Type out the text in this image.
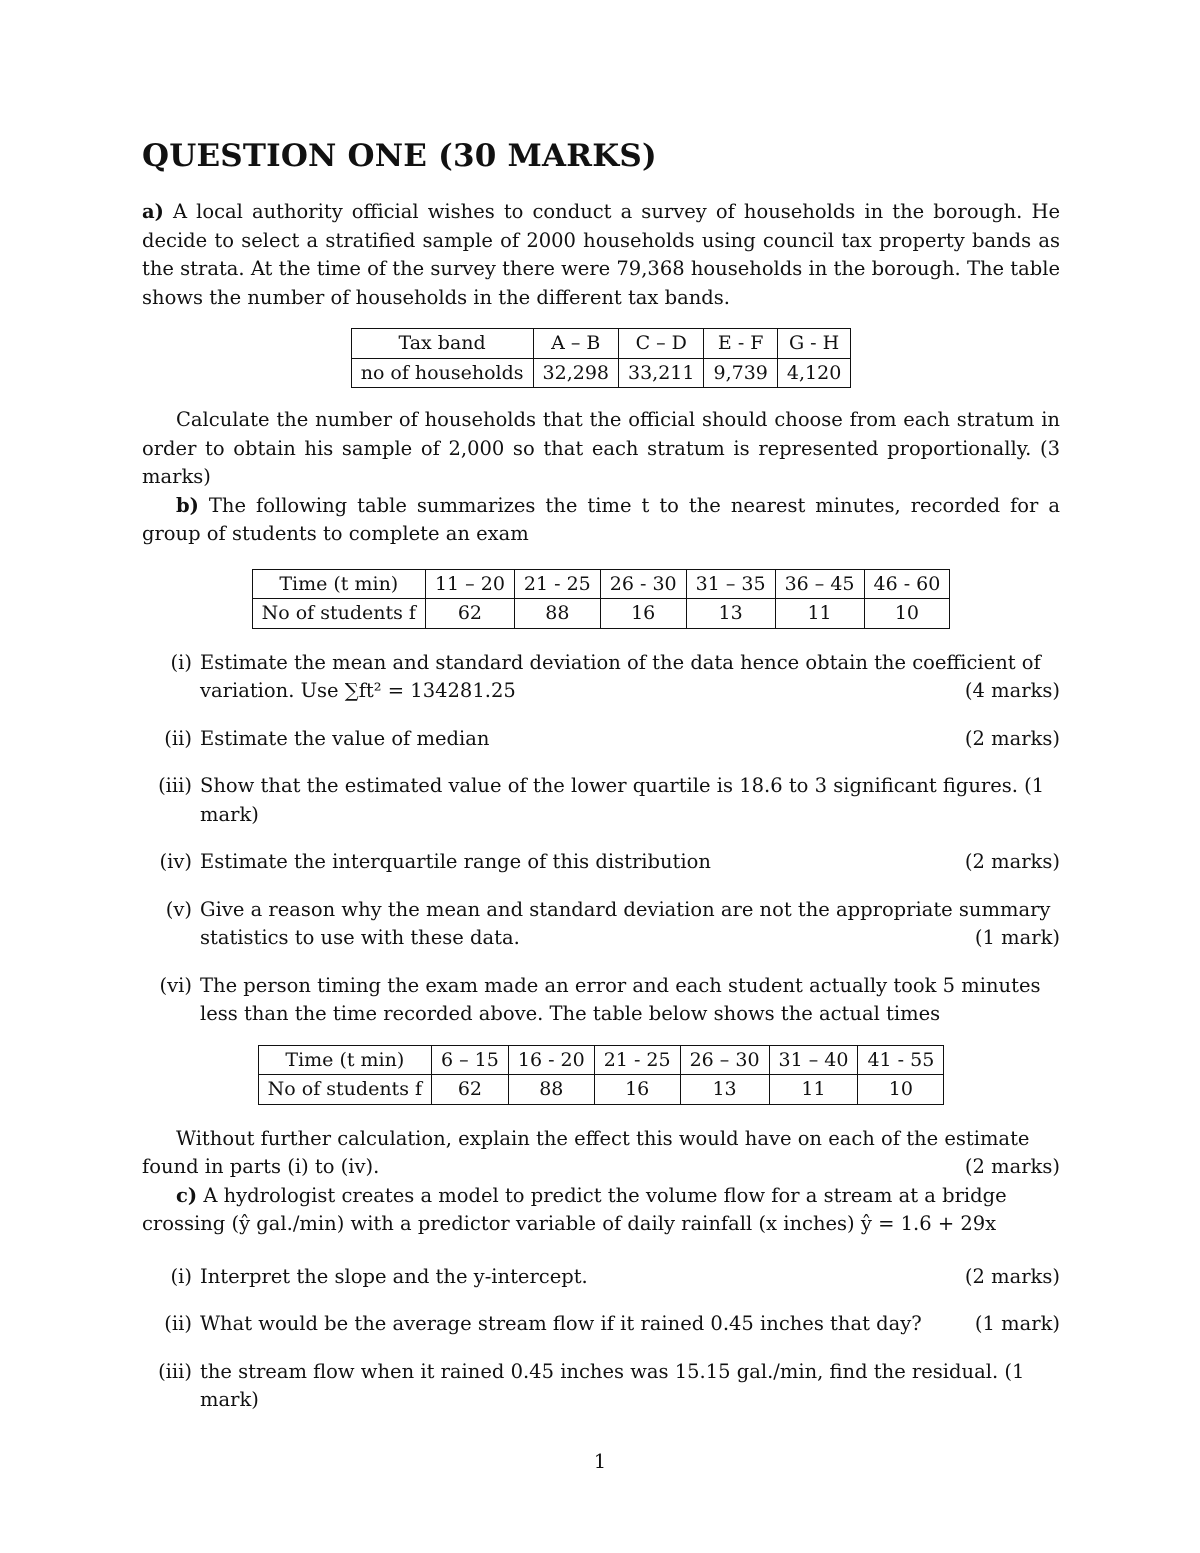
QUESTION ONE (30 MARKS)

a) A local authority official wishes to conduct a survey of households in the borough. He decide to select a stratified sample of 2000 households using council tax property bands as the strata. At the time of the survey there were 79,368 households in the borough. The table shows the number of households in the different tax bands.

Tax band	A – B	C – D	E - F	G - H
no of households	32,298	33,211	9,739	4,120

Calculate the number of households that the official should choose from each stratum in order to obtain his sample of 2,000 so that each stratum is represented proportionally. (3 marks)

b) The following table summarizes the time t to the nearest minutes, recorded for a group of students to complete an exam

Time (t min)	11 – 20	21 - 25	26 - 30	31 – 35	36 – 45	46 - 60
No of students f	62	88	16	13	11	10
(i) Estimate the mean and standard deviation of the data hence obtain the coefficient of
variation. Use ∑ft² = 134281.25	(4 marks)
(ii) Estimate the value of median	(2 marks)
(iii) Show that the estimated value of the lower quartile is 18.6 to 3 significant figures. (1
mark)
(iv) Estimate the interquartile range of this distribution	(2 marks)
(v) Give a reason why the mean and standard deviation are not the appropriate summary
statistics to use with these data.	(1 mark)
(vi) The person timing the exam made an error and each student actually took 5 minutes
less than the time recorded above. The table below shows the actual times
Time (t min)	6 – 15	16 - 20	21 - 25	26 – 30	31 – 40	41 - 55
No of students f	62	88	16	13	11	10

Without further calculation, explain the effect this would have on each of the estimate

found in parts (i) to (iv).	(2 marks)

c) A hydrologist creates a model to predict the volume flow for a stream at a bridge

crossing (ŷ gal./min) with a predictor variable of daily rainfall (x inches) ŷ = 1.6 + 29x

(i) Interpret the slope and the y-intercept.	(2 marks)
(ii) What would be the average stream flow if it rained 0.45 inches that day?	(1 mark)
(iii) the stream flow when it rained 0.45 inches was 15.15 gal./min, find the residual. (1
mark)
1
